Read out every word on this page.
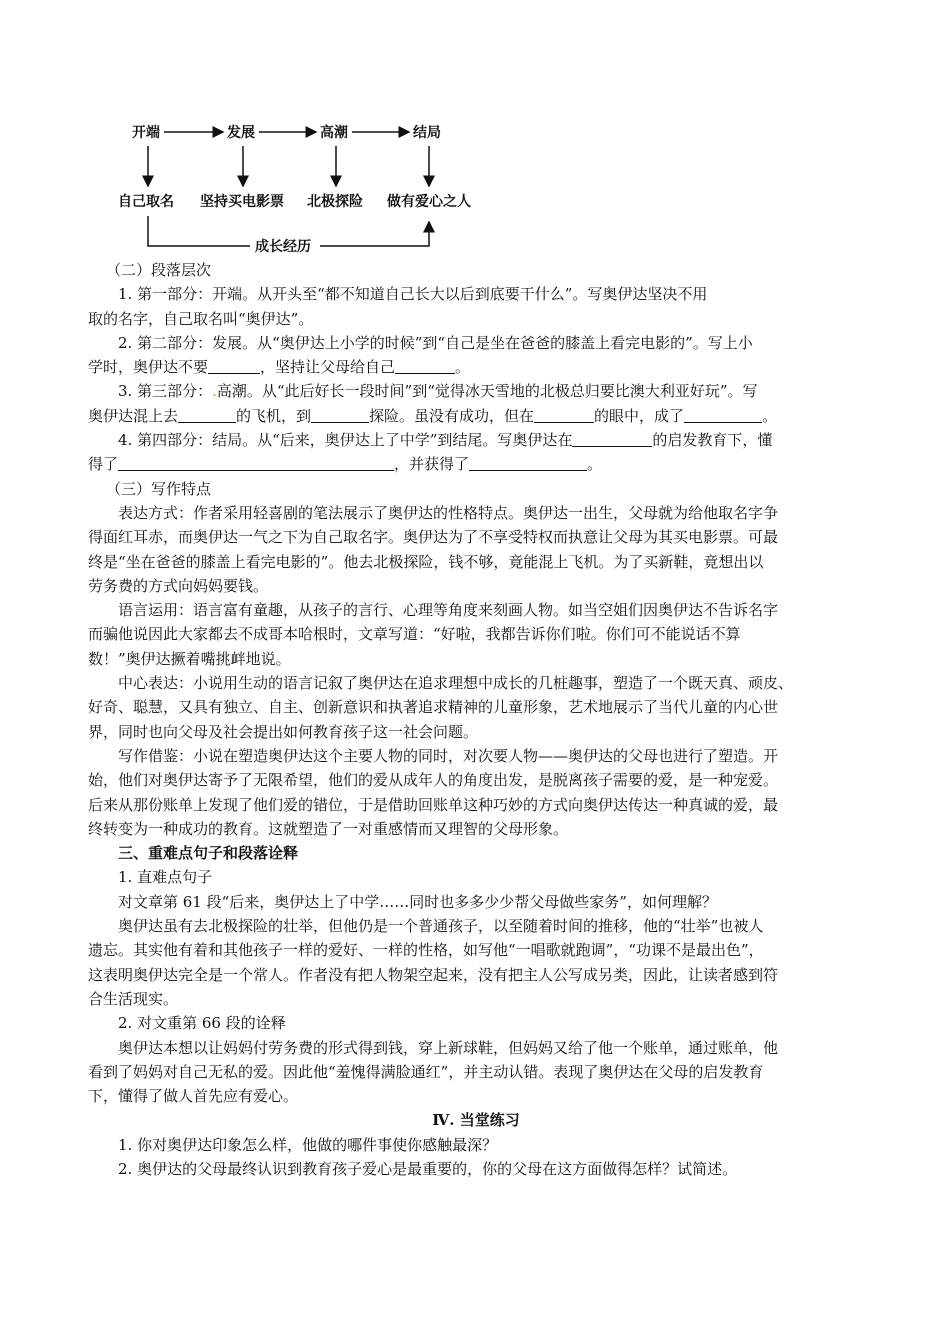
开端	发展	高潮	结局
自己取名 坚持买电影票 北极探险 做有爱心之人
成长经历
（二）段落层次
1. 第一部分：开端。从开头至“都不知道自己长大以后到底要干什么”。写奥伊达坚决不用
取的名字，自己取名叫“奥伊达”。
2. 第二部分：发展。从“奥伊达上小学的时候”到“自己是坐在爸爸的膝盖上看完电影的”。写上小
学时，奥伊达不要	，坚持让父母给自己	。
3. 第三部分：.高潮。从“此后好长一段时间”到“觉得冰天雪地的北极总归要比澳大利亚好玩”。写
奥伊达混上去	的飞机，到	探险。虽没有成功，但在	的眼中，成了	。
4. 第四部分：结局。从“后来，奥伊达上了中学”到结尾。写奥伊达在	的启发教育下，懂
得了	，并获得了	。
（三）写作特点
表达方式：作者采用轻喜剧的笔法展示了奥伊达的性格特点。奥伊达一出生，父母就为给他取名字争
得面红耳赤，而奥伊达一气之下为自己取名字。奥伊达为了不享受特权而执意让父母为其买电影票。可最
终是“坐在爸爸的膝盖上看完电影的”。他去北极探险，钱不够，竟能混上飞机。为了买新鞋，竟想出以
劳务费的方式向妈妈要钱。
语言运用：语言富有童趣，从孩子的言行、心理等角度来刻画人物。如当空姐们因奥伊达不告诉名字
而骗他说因此大家都去不成哥本哈根时，文章写道：“好啦，我都告诉你们啦。你们可不能说话不算
数！”奥伊达撅着嘴挑衅地说。
中心表达：小说用生动的语言记叙了奥伊达在追求理想中成长的几桩趣事，塑造了一个既天真、顽皮、
好奇、聪慧，又具有独立、自主、创新意识和执著追求精神的儿童形象，艺术地展示了当代儿童的内心世
界，同时也向父母及社会提出如何教育孩子这一社会问题。
写作借鉴：小说在塑造奥伊达这个主要人物的同时，对次要人物——奥伊达的父母也进行了塑造。开
始，他们对奥伊达寄予了无限希望，他们的爱从成年人的角度出发，是脱离孩子需要的爱，是一种宠爱。
后来从那份账单上发现了他们爱的错位，于是借助回账单这种巧妙的方式向奥伊达传达一种真诚的爱，最
终转变为一种成功的教育。这就塑造了一对重感情而又理智的父母形象。
三、重难点句子和段落诠释
1. 直难点句子
对文章第 61 段“后来，奥伊达上了中学……同时也多多少少帮父母做些家务”，如何理解？
奥伊达虽有去北极探险的壮举，但他仍是一个普通孩子，以至随着时间的推移，他的“壮举”也被人
遗忘。其实他有着和其他孩子一样的爱好、一样的性格，如写他“一唱歌就跑调”，“功课不是最出色”，
这表明奥伊达完全是一个常人。作者没有把人物架空起来，没有把主人公写成另类，因此，让读者感到符
合生活现实。
2. 对文重第 66 段的诠释
奥伊达本想以让妈妈付劳务费的形式得到钱，穿上新球鞋，但妈妈又给了他一个账单，通过账单，他
看到了妈妈对自己无私的爱。因此他“羞愧得满脸通红”，并主动认错。表现了奥伊达在父母的启发教育
下，懂得了做人首先应有爱心。
Ⅳ. 当堂练习
1. 你对奥伊达印象怎么样，他做的哪件事使你感触最深？
2. 奥伊达的父母最终认识到教育孩子爱心是最重要的，你的父母在这方面做得怎样？试简述。
